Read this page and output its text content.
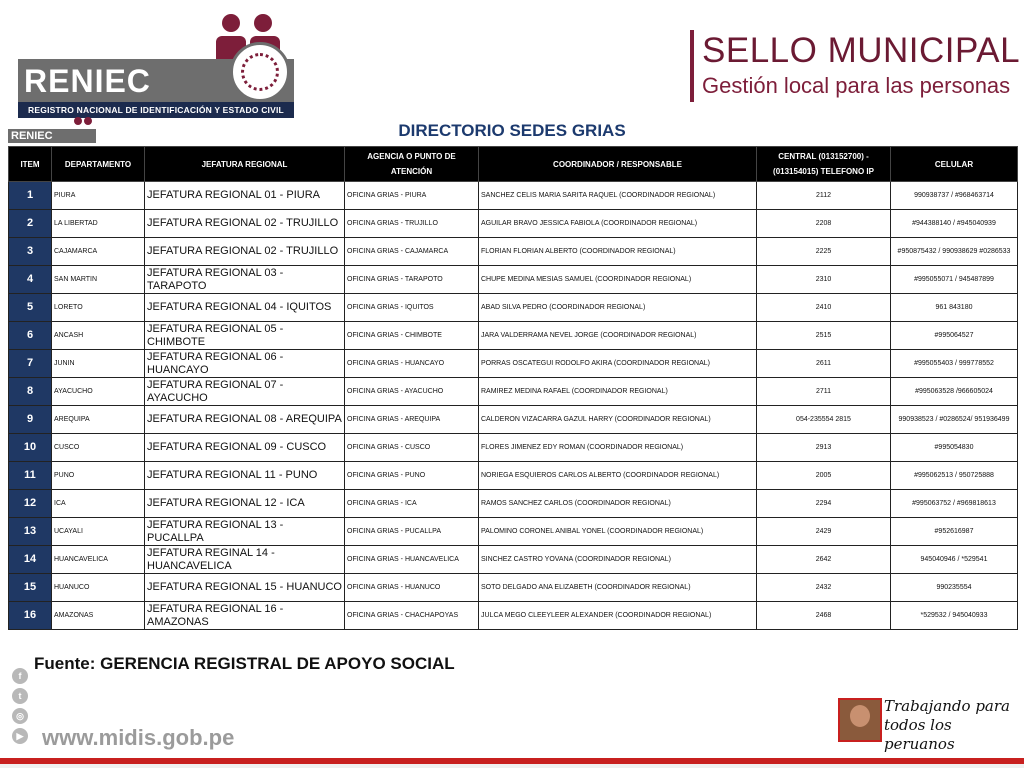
RENIEC
REGISTRO NACIONAL DE IDENTIFICACIÓN Y ESTADO CIVIL
SELLO MUNICIPAL
Gestión local para las personas
RENIEC	DIRECTORIO SEDES GRIAS
ITEM	DEPARTAMENTO	JEFATURA REGIONAL	AGENCIA O PUNTO DE ATENCIÓN	COORDINADOR / RESPONSABLE	CENTRAL (013152700) - (013154015) TELEFONO IP	CELULAR
1	PIURA	JEFATURA REGIONAL 01 - PIURA	OFICINA GRIAS - PIURA	SANCHEZ CELIS MARIA SARITA RAQUEL (COORDINADOR REGIONAL)	2112	990938737 / #968463714
2	LA LIBERTAD	JEFATURA REGIONAL 02 - TRUJILLO	OFICINA GRIAS - TRUJILLO	AGUILAR BRAVO JESSICA FABIOLA (COORDINADOR REGIONAL)	2208	#944388140 / #945040939
3	CAJAMARCA	JEFATURA REGIONAL 02 - TRUJILLO	OFICINA GRIAS - CAJAMARCA	FLORIAN FLORIAN ALBERTO (COORDINADOR REGIONAL)	2225	#950875432 / 990938629 #0286533
4	SAN MARTIN	JEFATURA REGIONAL 03 - TARAPOTO	OFICINA GRIAS - TARAPOTO	CHUPE MEDINA MESIAS SAMUEL (COORDINADOR REGIONAL)	2310	#995055071 / 945487899
5	LORETO	JEFATURA REGIONAL 04 - IQUITOS	OFICINA GRIAS - IQUITOS	ABAD SILVA PEDRO (COORDINADOR REGIONAL)	2410	961 843180
6	ANCASH	JEFATURA REGIONAL 05 - CHIMBOTE	OFICINA GRIAS - CHIMBOTE	JARA VALDERRAMA NEVEL JORGE (COORDINADOR REGIONAL)	2515	#995064527
7	JUNIN	JEFATURA REGIONAL 06 - HUANCAYO	OFICINA GRIAS - HUANCAYO	PORRAS OSCATEGUI RODOLFO AKIRA (COORDINADOR REGIONAL)	2611	#995055403 / 999778552
8	AYACUCHO	JEFATURA REGIONAL 07 - AYACUCHO	OFICINA GRIAS - AYACUCHO	RAMIREZ MEDINA RAFAEL (COORDINADOR REGIONAL)	2711	#995063528 /966605024
9	AREQUIPA	JEFATURA REGIONAL 08 - AREQUIPA	OFICINA GRIAS - AREQUIPA	CALDERON VIZACARRA GAZUL HARRY (COORDINADOR REGIONAL)	054-235554 2815	990938523 / #0286524/ 951936499
10	CUSCO	JEFATURA REGIONAL 09 - CUSCO	OFICINA GRIAS - CUSCO	FLORES JIMENEZ EDY ROMAN (COORDINADOR REGIONAL)	2913	#995054830
11	PUNO	JEFATURA REGIONAL 11 - PUNO	OFICINA GRIAS - PUNO	NORIEGA ESQUIEROS CARLOS ALBERTO (COORDINADOR REGIONAL)	2005	#995062513 / 950725888
12	ICA	JEFATURA REGIONAL 12 - ICA	OFICINA GRIAS - ICA	RAMOS SANCHEZ CARLOS (COORDINADOR REGIONAL)	2294	#995063752 / #969818613
13	UCAYALI	JEFATURA REGIONAL 13 - PUCALLPA	OFICINA GRIAS - PUCALLPA	PALOMINO CORONEL ANIBAL YONEL (COORDINADOR REGIONAL)	2429	#952616987
14	HUANCAVELICA	JEFATURA REGINAL 14 - HUANCAVELICA	OFICINA GRIAS - HUANCAVELICA	SINCHEZ CASTRO YOVANA (COORDINADOR REGIONAL)	2642	945040946 / *529541
15	HUANUCO	JEFATURA REGIONAL 15 - HUANUCO	OFICINA GRIAS - HUANUCO	SOTO DELGADO ANA ELIZABETH (COORDINADOR REGIONAL)	2432	990235554
16	AMAZONAS	JEFATURA REGIONAL 16 - AMAZONAS	OFICINA GRIAS - CHACHAPOYAS	JULCA MEGO CLEEYLEER ALEXANDER (COORDINADOR REGIONAL)	2468	*529532 / 945040933
Fuente: GERENCIA REGISTRAL DE APOYO SOCIAL
f
t
◎
▶ www.midis.gob.pe
Trabajando para
todos los peruanos
